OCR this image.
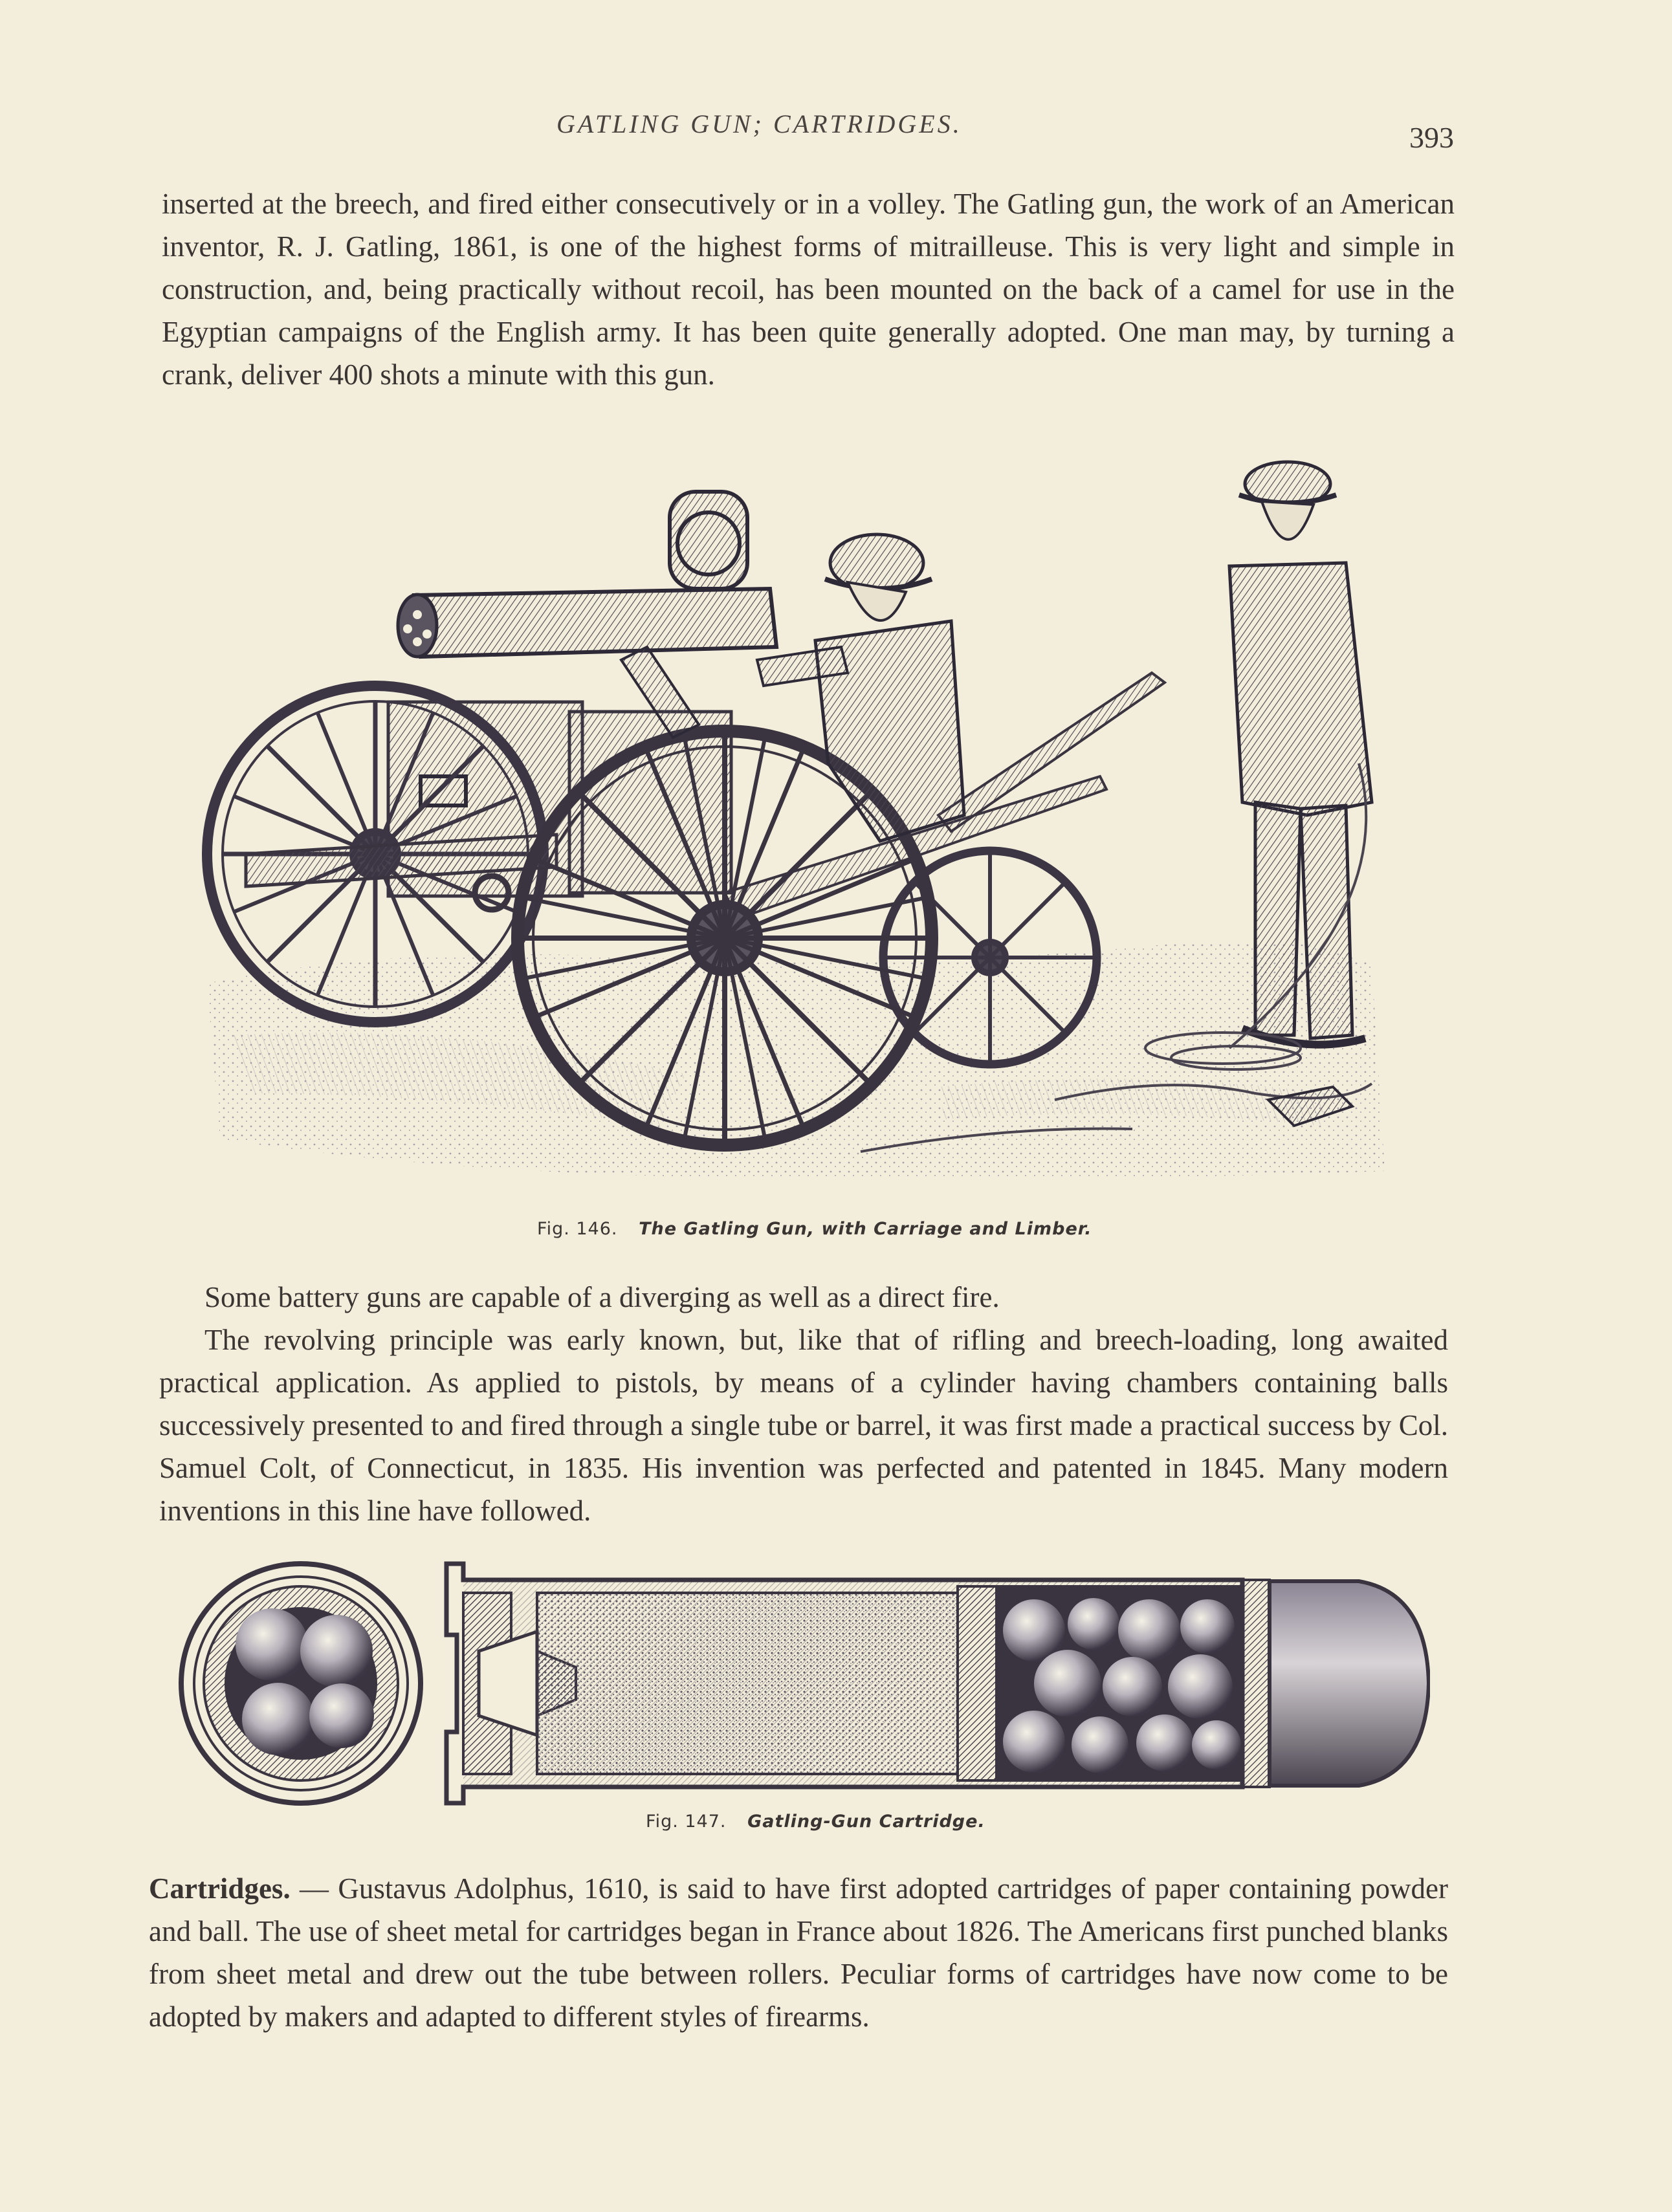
GATLING GUN; CARTRIDGES.	393

inserted at the breech, and fired either consecutively or in a volley. The Gatling gun, the work of an American inventor, R. J. Gatling, 1861, is one of the highest forms of mitrailleuse. This is very light and simple in construction, and, being practically without recoil, has been mounted on the back of a camel for use in the Egyptian campaigns of the English army. It has been quite generally adopted. One man may, by turning a crank, deliver 400 shots a minute with this gun.

Fig. 146. The Gatling Gun, with Carriage and Limber.

Some battery guns are capable of a diverging as well as a direct fire.

The revolving principle was early known, but, like that of rifling and breech-loading, long awaited practical application. As applied to pistols, by means of a cylinder having chambers containing balls successively presented to and fired through a single tube or barrel, it was first made a practical success by Col. Samuel Colt, of Connecticut, in 1835. His invention was perfected and patented in 1845. Many modern inventions in this line have followed.

Fig. 147. Gatling-Gun Cartridge.

Cartridges. — Gustavus Adolphus, 1610, is said to have first adopted cartridges of paper containing powder and ball. The use of sheet metal for cartridges began in France about 1826. The Americans first punched blanks from sheet metal and drew out the tube between rollers. Peculiar forms of cartridges have now come to be adopted by makers and adapted to different styles of firearms.
